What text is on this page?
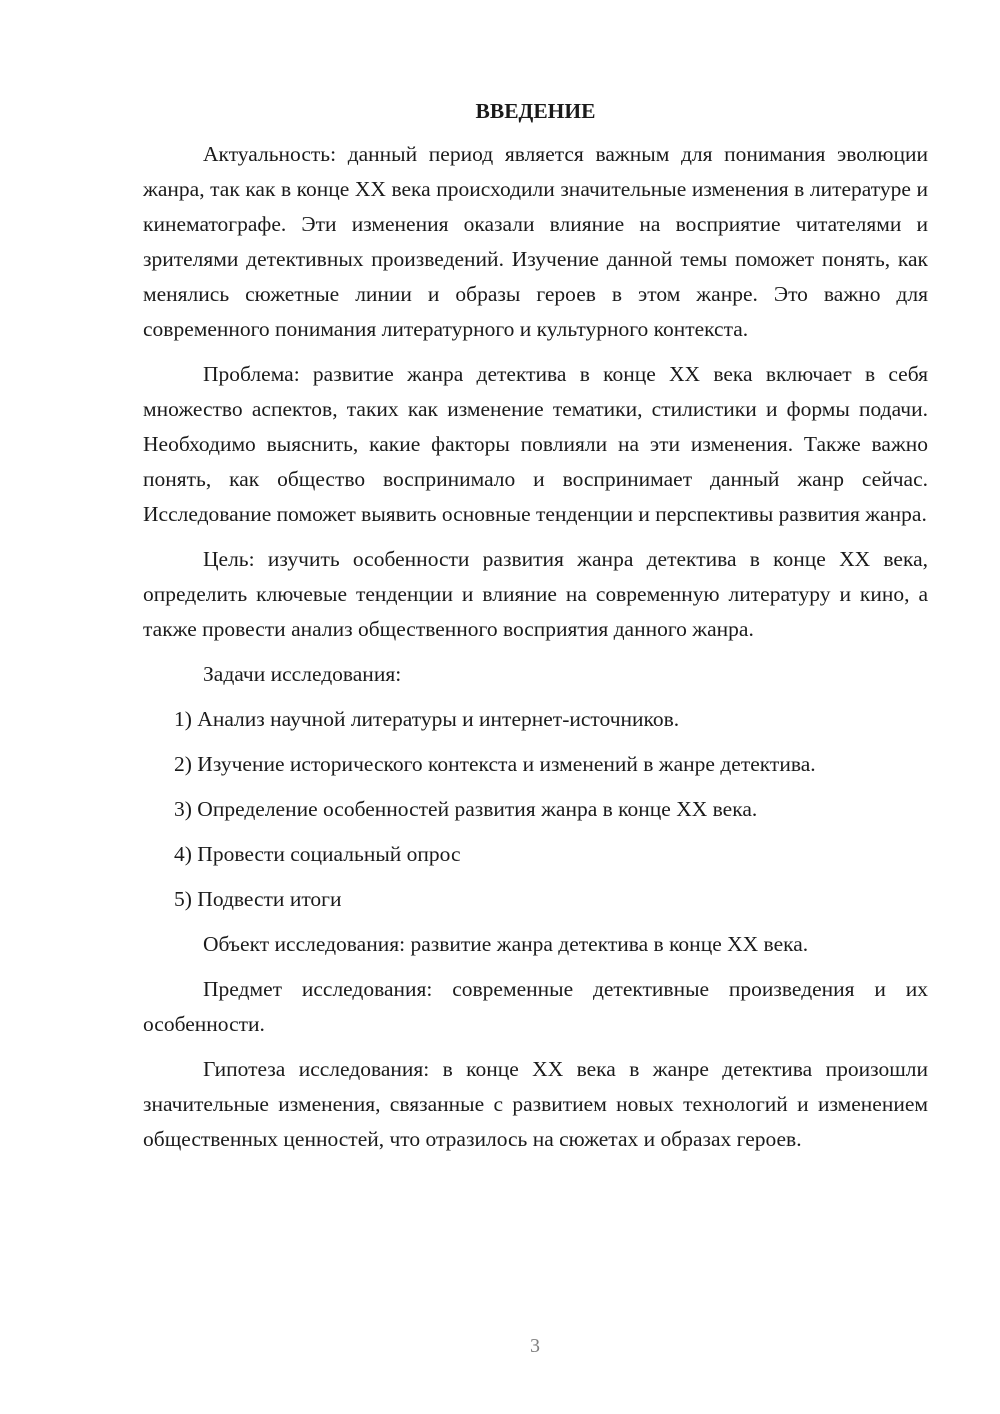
ВВЕДЕНИЕ

Актуальность: данный период является важным для понимания эволюции жанра, так как в конце XX века происходили значительные изменения в литературе и кинематографе. Эти изменения оказали влияние на восприятие читателями и зрителями детективных произведений. Изучение данной темы поможет понять, как менялись сюжетные линии и образы героев в этом жанре. Это важно для современного понимания литературного и культурного контекста.

Проблема: развитие жанра детектива в конце XX века включает в себя множество аспектов, таких как изменение тематики, стилистики и формы подачи. Необходимо выяснить, какие факторы повлияли на эти изменения. Также важно понять, как общество воспринимало и воспринимает данный жанр сейчас. Исследование поможет выявить основные тенденции и перспективы развития жанра.

Цель: изучить особенности развития жанра детектива в конце XX века, определить ключевые тенденции и влияние на современную литературу и кино, а также провести анализ общественного восприятия данного жанра.

Задачи исследования:

1) Анализ научной литературы и интернет-источников.
2) Изучение исторического контекста и изменений в жанре детектива.
3) Определение особенностей развития жанра в конце XX века.
4) Провести социальный опрос
5) Подвести итоги

Объект исследования: развитие жанра детектива в конце XX века.

Предмет исследования: современные детективные произведения и их особенности.

Гипотеза исследования: в конце XX века в жанре детектива произошли значительные изменения, связанные с развитием новых технологий и изменением общественных ценностей, что отразилось на сюжетах и образах героев.

3
